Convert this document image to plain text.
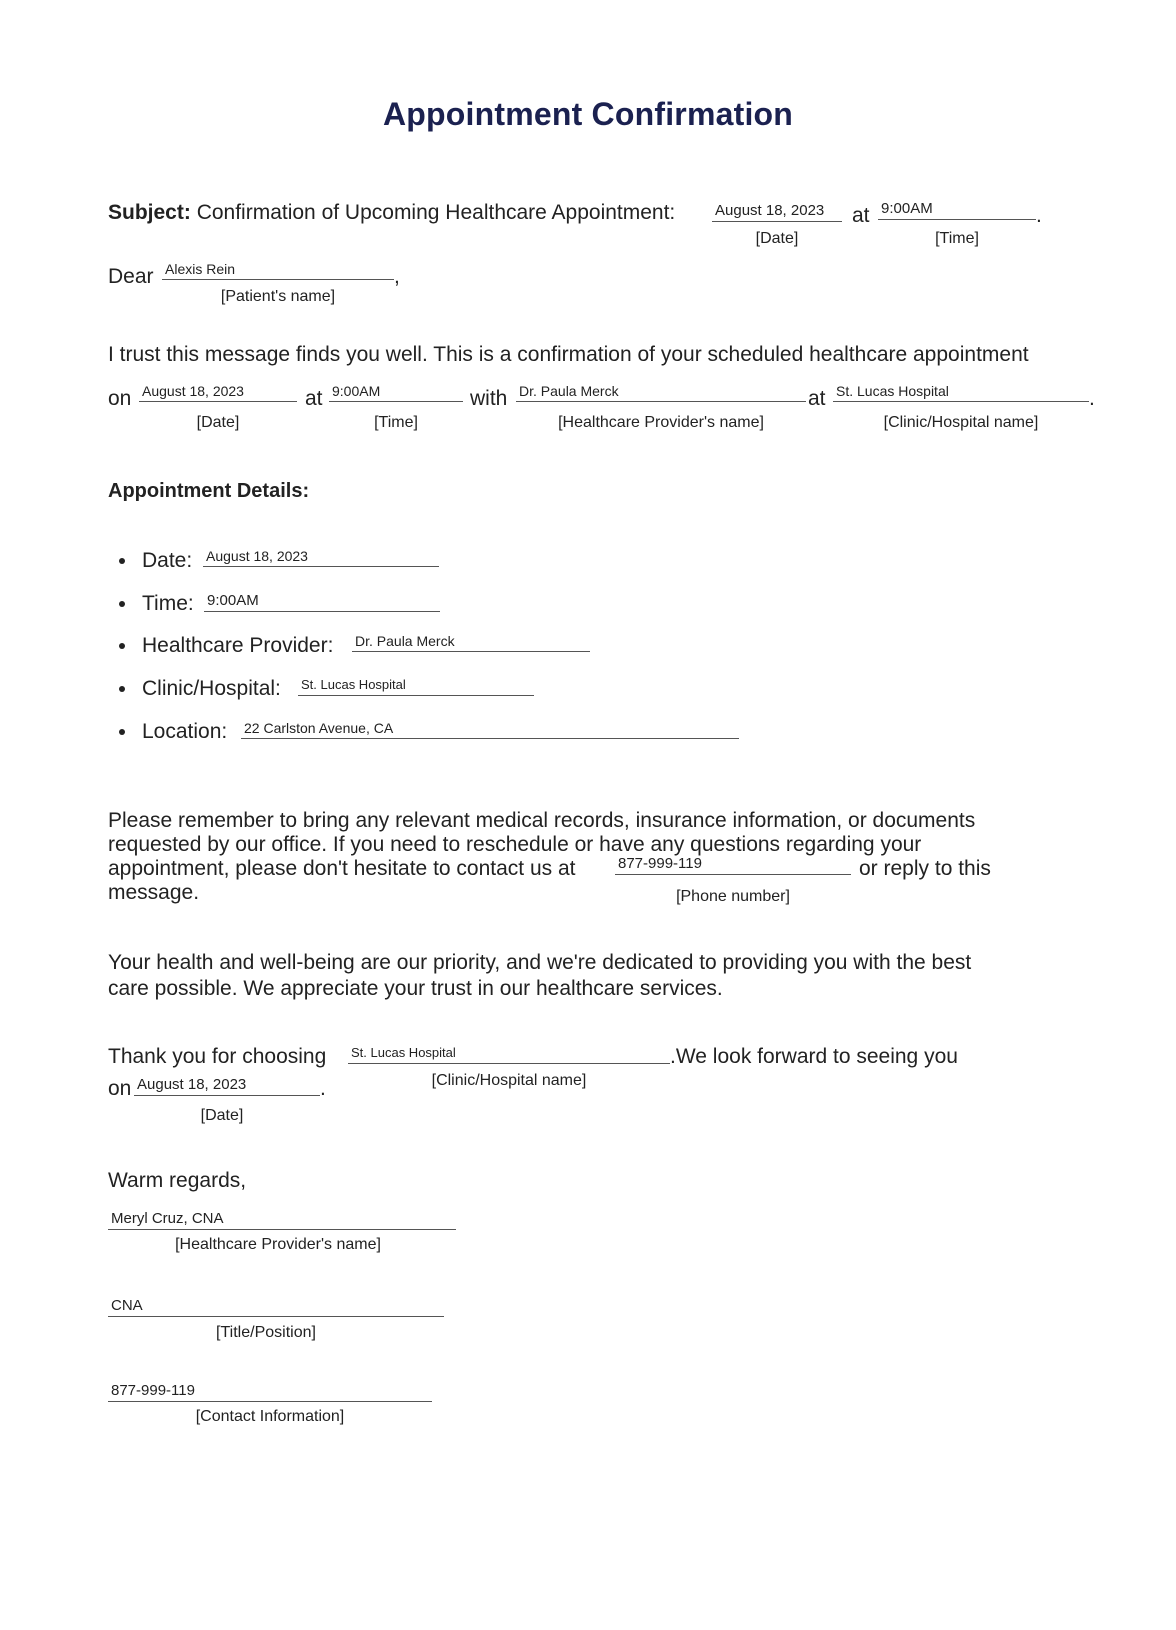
Appointment Confirmation
Subject: Confirmation of Upcoming Healthcare Appointment:	August 18, 2023
[Date]
at 9:00AM
[Time]
.
Dear Alexis Rein	,
[Patient's name]
I trust this message finds you well. This is a confirmation of your scheduled healthcare appointment
on August 18, 2023
[Date]
at 9:00AM
[Time]
with Dr. Paula Merck
[Healthcare Provider's name]
at St. Lucas Hospital
[Clinic/Hospital name]
.
Appointment Details:
Date: August 18, 2023
Time: 9:00AM
Healthcare Provider: Dr. Paula Merck
Clinic/Hospital: St. Lucas Hospital
Location: 22 Carlston Avenue, CA
Please remember to bring any relevant medical records, insurance information, or documents
requested by our office. If you need to reschedule or have any questions regarding your
appointment, please don't hesitate to contact us at	877-999-119	or reply to this
message.	[Phone number]
Your health and well-being are our priority, and we're dedicated to providing you with the best
care possible. We appreciate your trust in our healthcare services.
Thank you for choosing St. Lucas Hospital	.We look forward to seeing you
[Clinic/Hospital name]
on August 18, 2023	.
[Date]
Warm regards,
Meryl Cruz, CNA
[Healthcare Provider's name]
CNA
[Title/Position]
877-999-119
[Contact Information]
